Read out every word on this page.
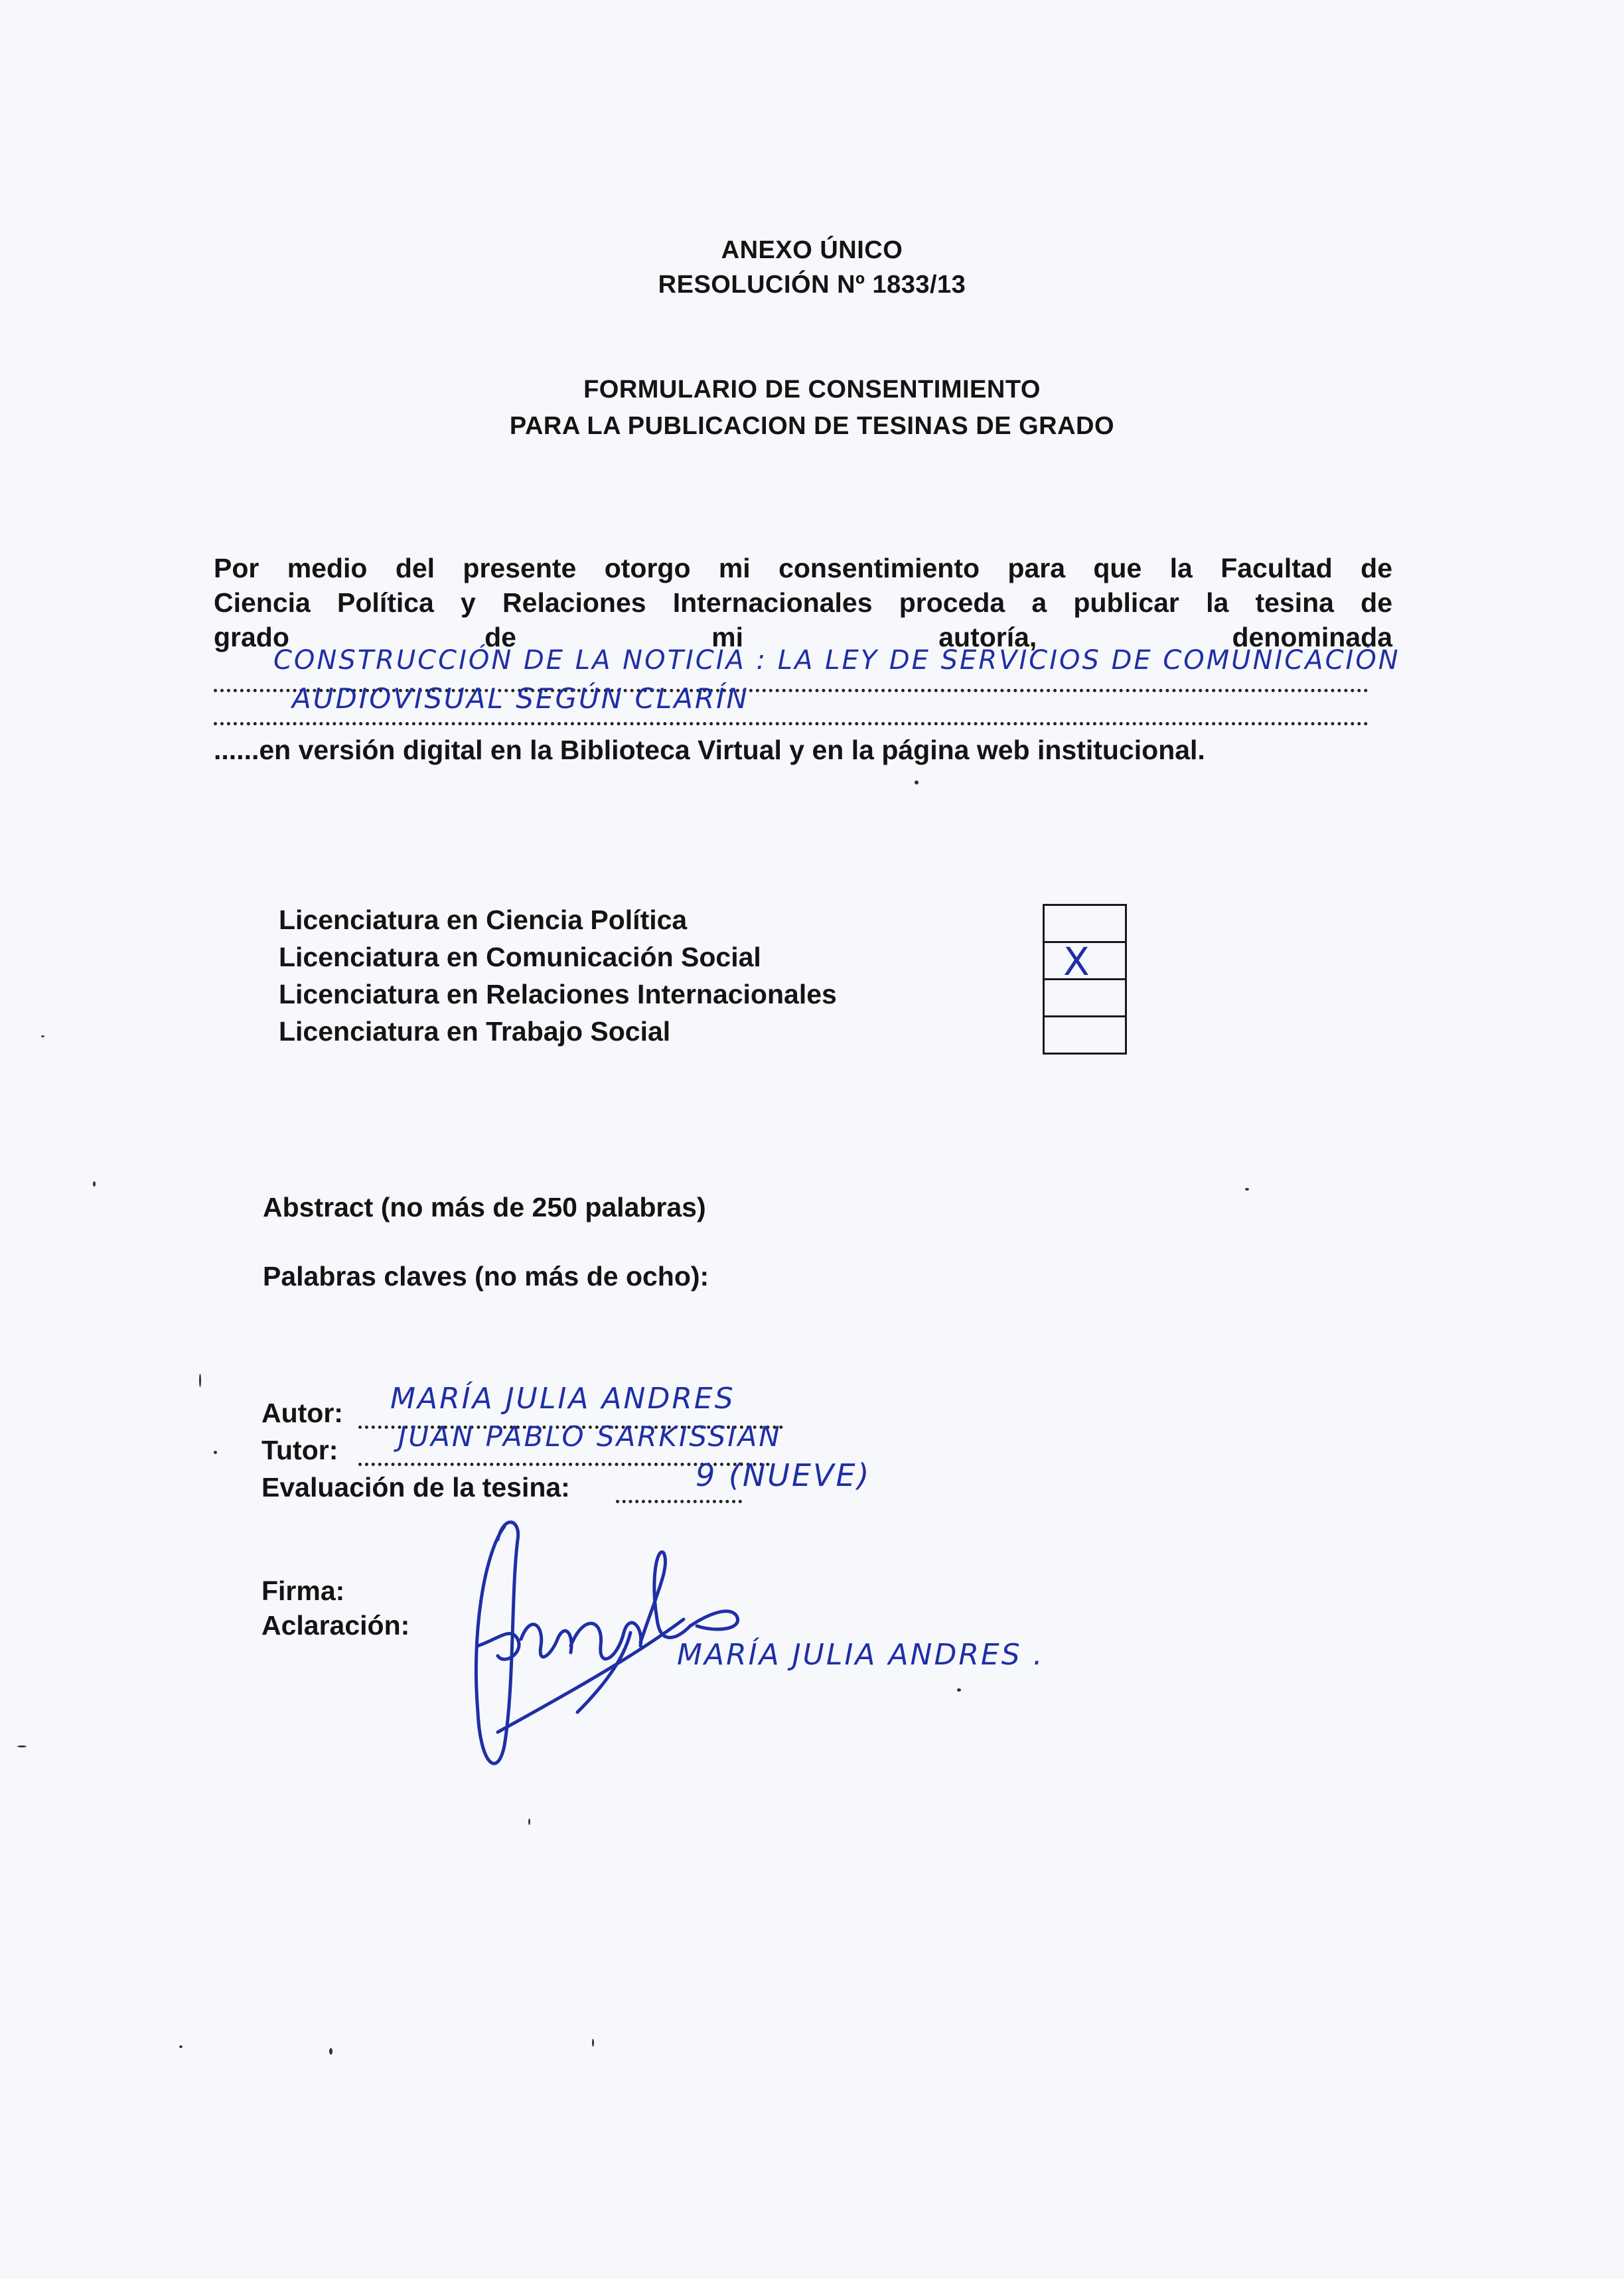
ANEXO ÚNICO
RESOLUCIÓN Nº 1833/13
FORMULARIO DE CONSENTIMIENTO
PARA LA PUBLICACION DE TESINAS DE GRADO
Por medio del presente otorgo mi consentimiento para que la Facultad de
Ciencia Política y Relaciones Internacionales proceda a publicar la tesina de
grado de mi autoría, denominada
CONSTRUCCIÓN DE LA NOTICIA : LA LEY DE SERVICIOS DE COMUNICACIÓN
AUDIOVISUAL SEGÚN CLARÍN
......en versión digital en la Biblioteca Virtual y en la página web institucional.
Licenciatura en Ciencia Política
Licenciatura en Comunicación Social
Licenciatura en Relaciones Internacionales
Licenciatura en Trabajo Social
X
Abstract (no más de 250 palabras)
Palabras claves (no más de ocho):
Autor: MARÍA JULIA ANDRES
Tutor: JUAN PABLO SARKISSIAN
Evaluación de la tesina:	9 (NUEVE)
Firma:
Aclaración:
MARÍA JULIA ANDRES .
